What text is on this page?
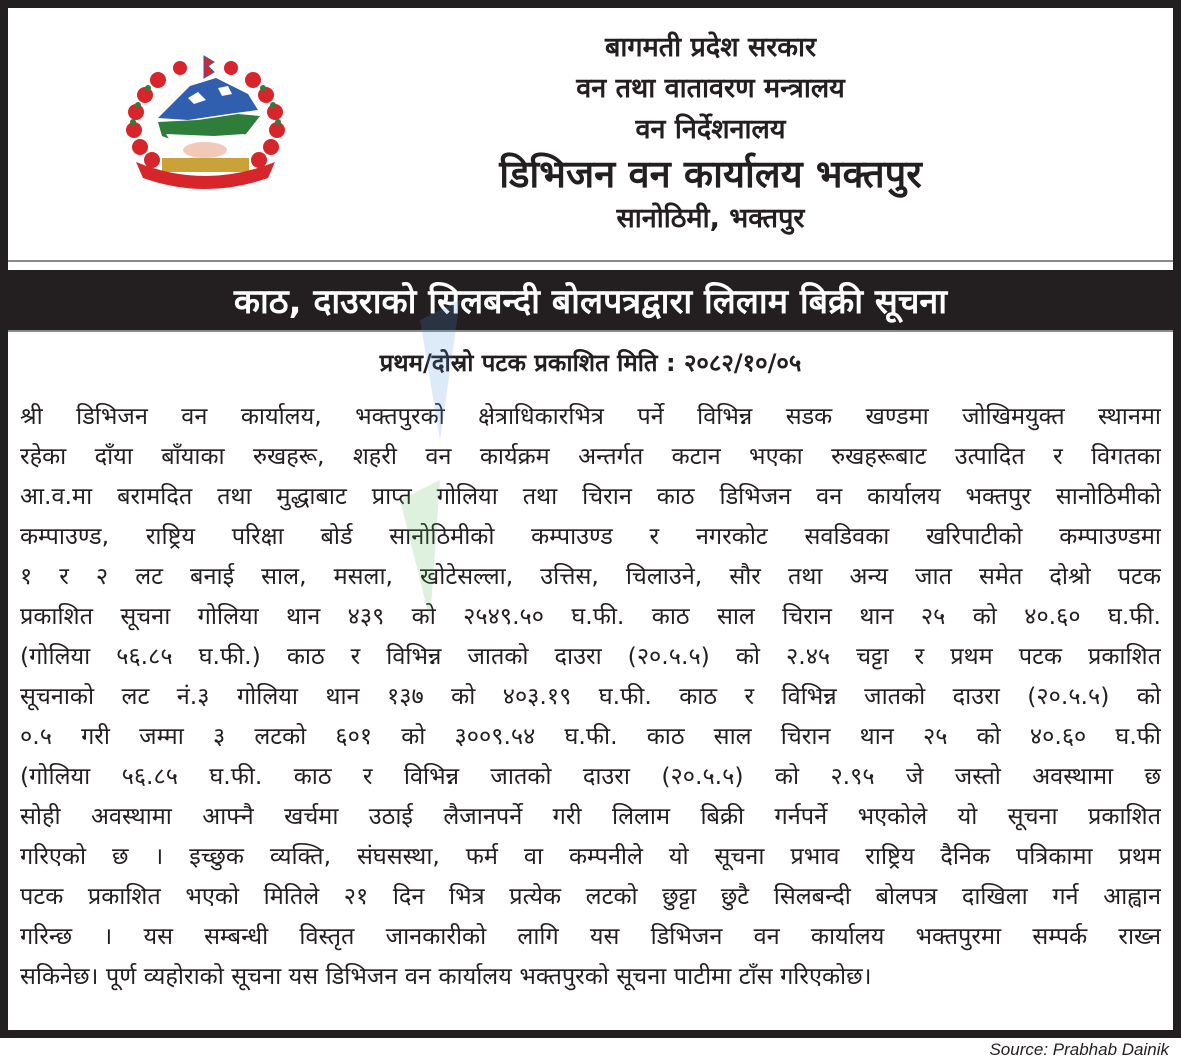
बागमती प्रदेश सरकार
वन तथा वातावरण मन्त्रालय
वन निर्देशनालय
डिभिजन वन कार्यालय भक्तपुर
सानोठिमी, भक्तपुर
काठ, दाउराको सिलबन्दी बोलपत्रद्वारा लिलाम बिक्री सूचना
प्रथम/दोस्रो पटक प्रकाशित मिति : २०८२/१०/०५
श्री डिभिजन वन कार्यालय, भक्तपुरको क्षेत्राधिकारभित्र पर्ने विभिन्न सडक खण्डमा जोखिमयुक्त स्थानमा
रहेका दाँया बाँयाका रुखहरू, शहरी वन कार्यक्रम अन्तर्गत कटान भएका रुखहरूबाट उत्पादित र विगतका
आ.व.मा बरामदित तथा मुद्धाबाट प्राप्त गोलिया तथा चिरान काठ डिभिजन वन कार्यालय भक्तपुर सानोठिमीको
कम्पाउण्ड, राष्ट्रिय परिक्षा बोर्ड सानोठिमीको कम्पाउण्ड र नगरकोट सवडिवका खरिपाटीको कम्पाउण्डमा
१ र २ लट बनाई साल, मसला, खोटेसल्ला, उत्तिस, चिलाउने, सौर तथा अन्य जात समेत दोश्रो पटक
प्रकाशित सूचना गोलिया थान ४३९ को २५४९.५० घ.फी. काठ साल चिरान थान २५ को ४०.६० घ.फी.
(गोलिया ५६.८५ घ.फी.) काठ र विभिन्न जातको दाउरा (२०.५.५) को २.४५ चट्टा र प्रथम पटक प्रकाशित
सूचनाको लट नं.३ गोलिया थान १३७ को ४०३.१९ घ.फी. काठ र विभिन्न जातको दाउरा (२०.५.५) को
०.५ गरी जम्मा ३ लटको ६०१ को ३००९.५४ घ.फी. काठ साल चिरान थान २५ को ४०.६० घ.फी
(गोलिया ५६.८५ घ.फी. काठ र विभिन्न जातको दाउरा (२०.५.५) को २.९५ जे जस्तो अवस्थामा छ
सोही अवस्थामा आफ्नै खर्चमा उठाई लैजानपर्ने गरी लिलाम बिक्री गर्नपर्ने भएकोले यो सूचना प्रकाशित
गरिएको छ । इच्छुक व्यक्ति, संघसस्था, फर्म वा कम्पनीले यो सूचना प्रभाव राष्ट्रिय दैनिक पत्रिकामा प्रथम
पटक प्रकाशित भएको मितिले २१ दिन भित्र प्रत्येक लटको छुट्टा छुटै सिलबन्दी बोलपत्र दाखिला गर्न आह्वान
गरिन्छ । यस सम्बन्धी विस्तृत जानकारीको लागि यस डिभिजन वन कार्यालय भक्तपुरमा सम्पर्क राख्न
सकिनेछ। पूर्ण व्यहोराको सूचना यस डिभिजन वन कार्यालय भक्तपुरको सूचना पाटीमा टाँस गरिएकोछ।
Source: Prabhab Dainik
